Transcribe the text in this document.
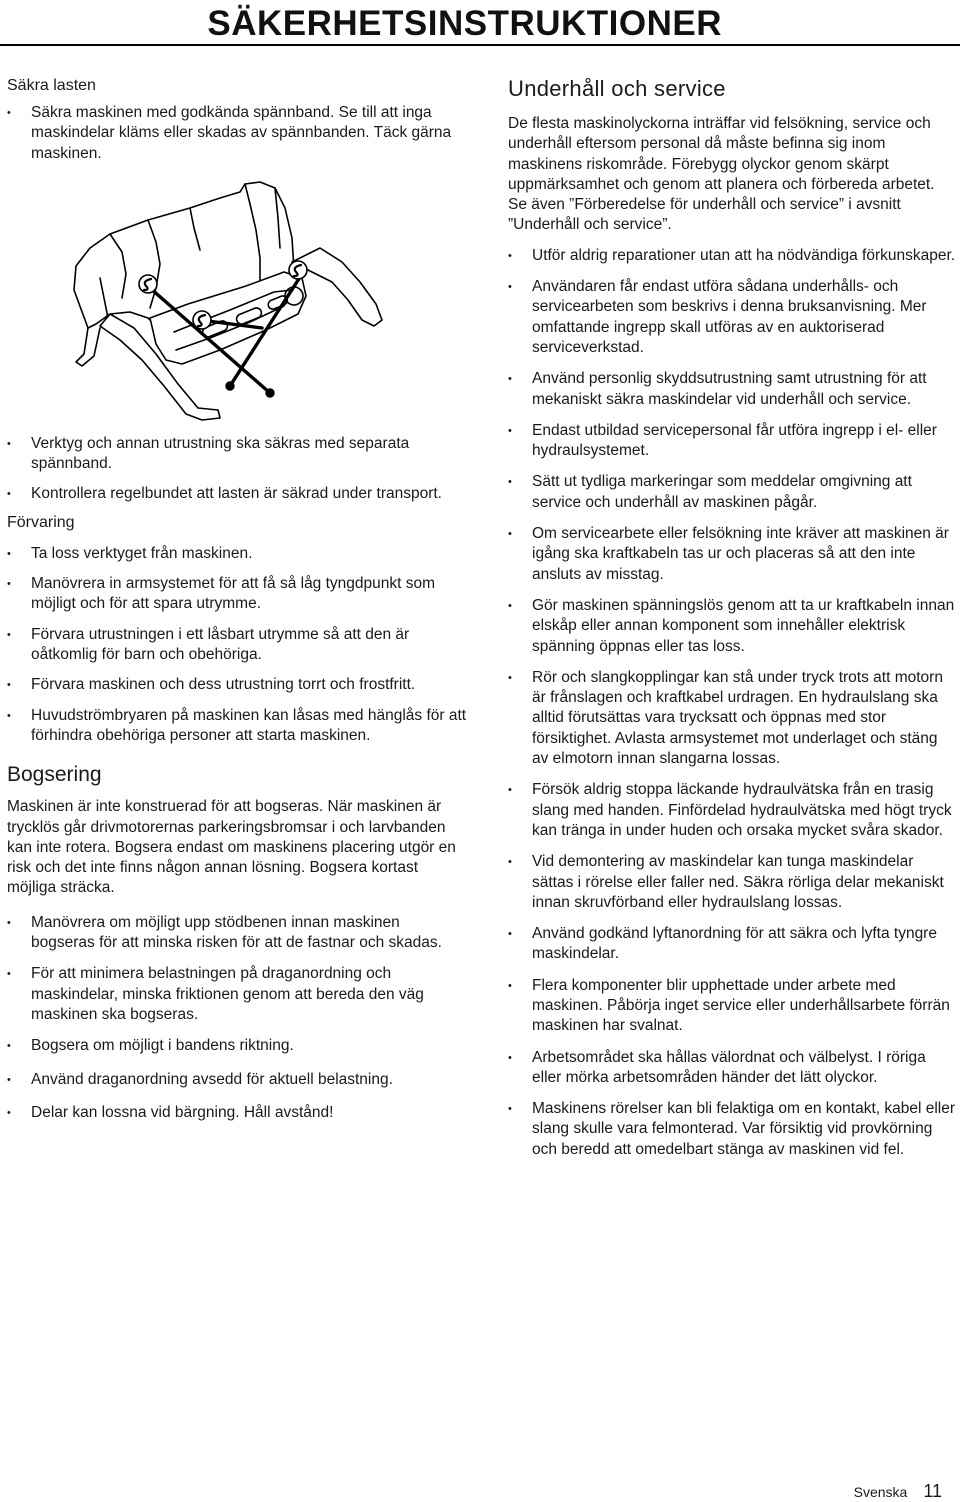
SÄKERHETSINSTRUKTIONER
Säkra lasten
• Säkra maskinen med godkända spännband. Se till att inga maskindelar kläms eller skadas av spännbanden. Täck gärna maskinen.
• Verktyg och annan utrustning ska säkras med separata spännband.
• Kontrollera regelbundet att lasten är säkrad under transport.
Förvaring
• Ta loss verktyget från maskinen.
• Manövrera in armsystemet för att få så låg tyngdpunkt som möjligt och för att spara utrymme.
• Förvara utrustningen i ett låsbart utrymme så att den är oåtkomlig för barn och obehöriga.
• Förvara maskinen och dess utrustning torrt och frostfritt.
• Huvudströmbryaren på maskinen kan låsas med hänglås för att förhindra obehöriga personer att starta maskinen.
Bogsering

Maskinen är inte konstruerad för att bogseras. När maskinen är trycklös går drivmotorernas parkeringsbromsar i och larvbanden kan inte rotera. Bogsera endast om maskinens placering utgör en risk och det inte finns någon annan lösning. Bogsera kortast möjliga sträcka.

• Manövrera om möjligt upp stödbenen innan maskinen bogseras för att minska risken för att de fastnar och skadas.
• För att minimera belastningen på draganordning och maskindelar, minska friktionen genom att bereda den väg maskinen ska bogseras.
• Bogsera om möjligt i bandens riktning.
• Använd draganordning avsedd för aktuell belastning.
• Delar kan lossna vid bärgning. Håll avstånd!
Underhåll och service

De flesta maskinolyckorna inträffar vid felsökning, service och underhåll eftersom personal då måste befinna sig inom maskinens riskområde. Förebygg olyckor genom skärpt uppmärksamhet och genom att planera och förbereda arbetet. Se även ”Förberedelse för underhåll och service” i avsnitt ”Underhåll och service”.

• Utför aldrig reparationer utan att ha nödvändiga förkunskaper.
• Användaren får endast utföra sådana underhålls- och servicearbeten som beskrivs i denna bruksanvisning. Mer omfattande ingrepp skall utföras av en auktoriserad serviceverkstad.
• Använd personlig skyddsutrustning samt utrustning för att mekaniskt säkra maskindelar vid underhåll och service.
• Endast utbildad servicepersonal får utföra ingrepp i el- eller hydraulsystemet.
• Sätt ut tydliga markeringar som meddelar omgivning att service och underhåll av maskinen pågår.
• Om servicearbete eller felsökning inte kräver att maskinen är igång ska kraftkabeln tas ur och placeras så att den inte ansluts av misstag.
• Gör maskinen spänningslös genom att ta ur kraftkabeln innan elskåp eller annan komponent som innehåller elektrisk spänning öppnas eller tas loss.
• Rör och slangkopplingar kan stå under tryck trots att motorn är frånslagen och kraftkabel urdragen. En hydraulslang ska alltid förutsättas vara trycksatt och öppnas med stor försiktighet. Avlasta armsystemet mot underlaget och stäng av elmotorn innan slangarna lossas.
• Försök aldrig stoppa läckande hydraulvätska från en trasig slang med handen. Finfördelad hydraulvätska med högt tryck kan tränga in under huden och orsaka mycket svåra skador.
• Vid demontering av maskindelar kan tunga maskindelar sättas i rörelse eller faller ned. Säkra rörliga delar mekaniskt innan skruvförband eller hydraulslang lossas.
• Använd godkänd lyftanordning för att säkra och lyfta tyngre maskindelar.
• Flera komponenter blir upphettade under arbete med maskinen. Påbörja inget service eller underhållsarbete förrän maskinen har svalnat.
• Arbetsområdet ska hållas välordnat och välbelyst. I röriga eller mörka arbetsområden händer det lätt olyckor.
• Maskinens rörelser kan bli felaktiga om en kontakt, kabel eller slang skulle vara felmonterad. Var försiktig vid provkörning och beredd att omedelbart stänga av maskinen vid fel.
Svenska 11
